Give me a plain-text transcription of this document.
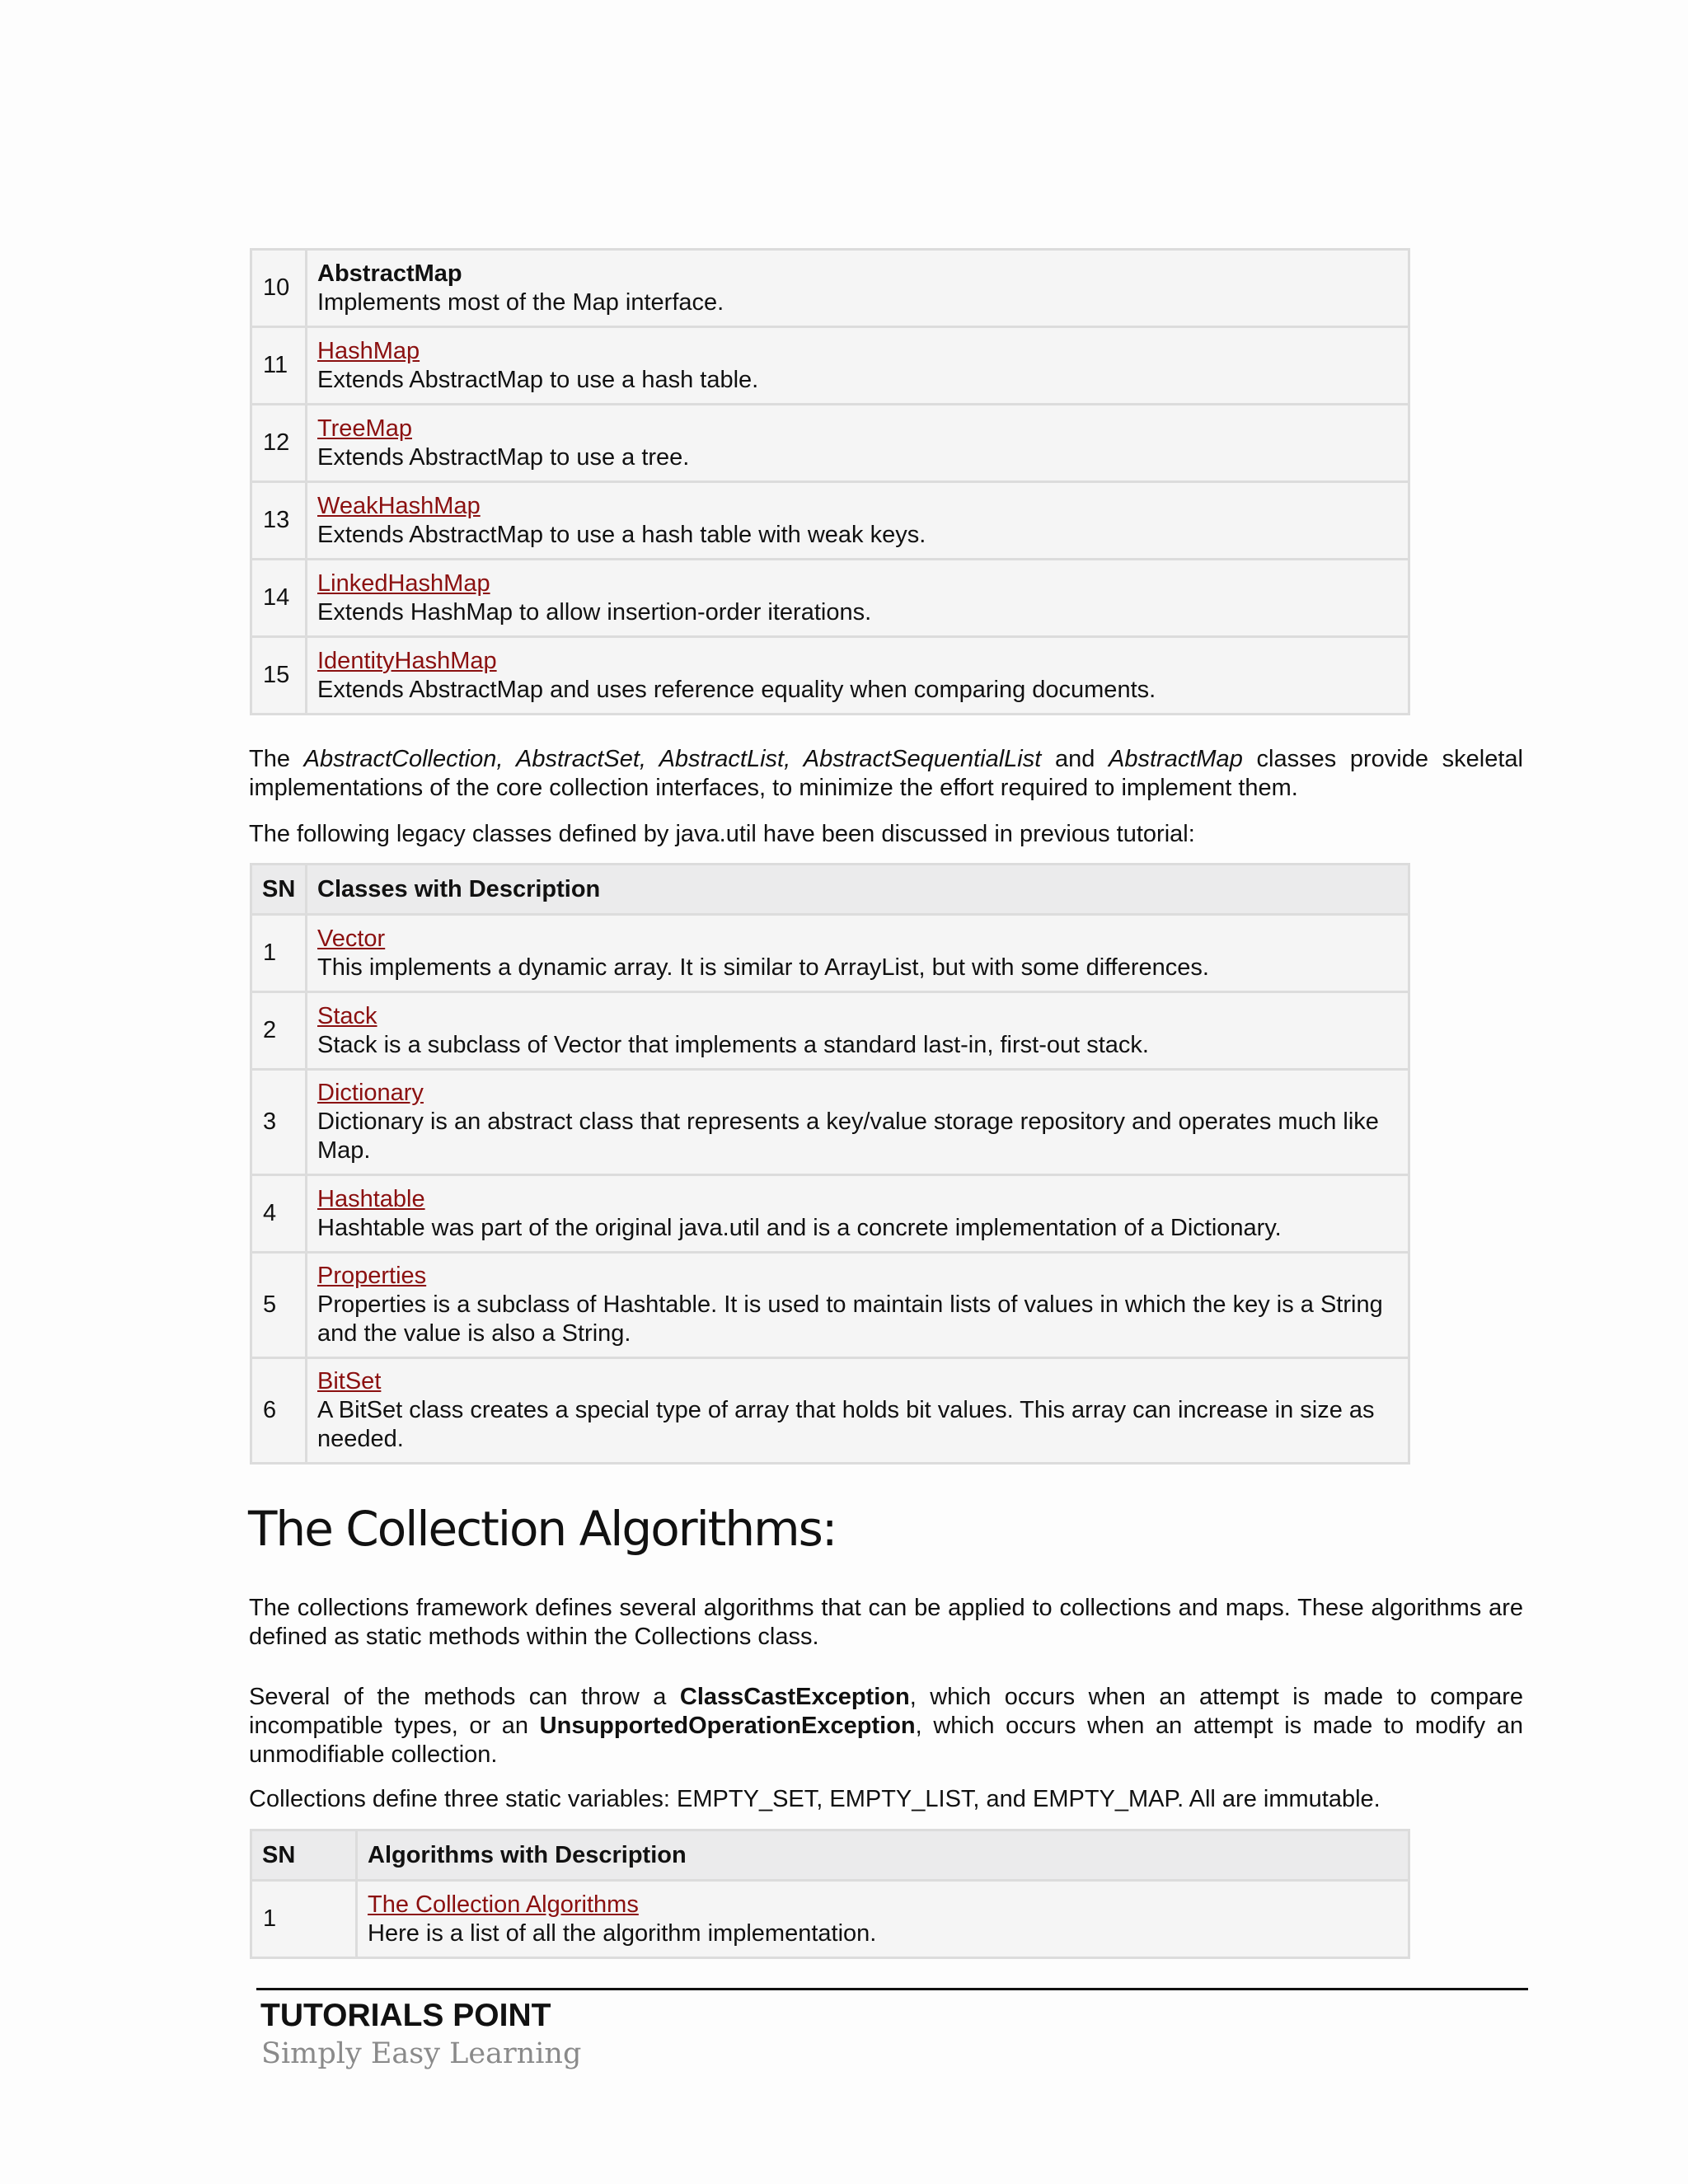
10	AbstractMap
Implements most of the Map interface.

11	HashMap
Extends AbstractMap to use a hash table.

12	TreeMap
Extends AbstractMap to use a tree.

13	WeakHashMap
Extends AbstractMap to use a hash table with weak keys.

14	LinkedHashMap
Extends HashMap to allow insertion-order iterations.

15	IdentityHashMap
Extends AbstractMap and uses reference equality when comparing documents.

The AbstractCollection, AbstractSet, AbstractList, AbstractSequentialList and AbstractMap classes provide skeletal implementations of the core collection interfaces, to minimize the effort required to implement them.

The following legacy classes defined by java.util have been discussed in previous tutorial:

SN	Classes with Description
1	Vector
This implements a dynamic array. It is similar to ArrayList, but with some differences.

2	Stack
Stack is a subclass of Vector that implements a standard last-in, first-out stack.

3	Dictionary
Dictionary is an abstract class that represents a key/value storage repository and operates much like Map.

4	Hashtable
Hashtable was part of the original java.util and is a concrete implementation of a Dictionary.

5	Properties
Properties is a subclass of Hashtable. It is used to maintain lists of values in which the key is a String and the value is also a String.

6	BitSet
A BitSet class creates a special type of array that holds bit values. This array can increase in size as needed.
The Collection Algorithms:

The collections framework defines several algorithms that can be applied to collections and maps. These algorithms are defined as static methods within the Collections class.

Several of the methods can throw a ClassCastException, which occurs when an attempt is made to compare incompatible types, or an UnsupportedOperationException, which occurs when an attempt is made to modify an unmodifiable collection.

Collections define three static variables: EMPTY_SET, EMPTY_LIST, and EMPTY_MAP. All are immutable.

SN	Algorithms with Description
1	The Collection Algorithms
Here is a list of all the algorithm implementation.
TUTORIALS POINT
Simply Easy Learning
